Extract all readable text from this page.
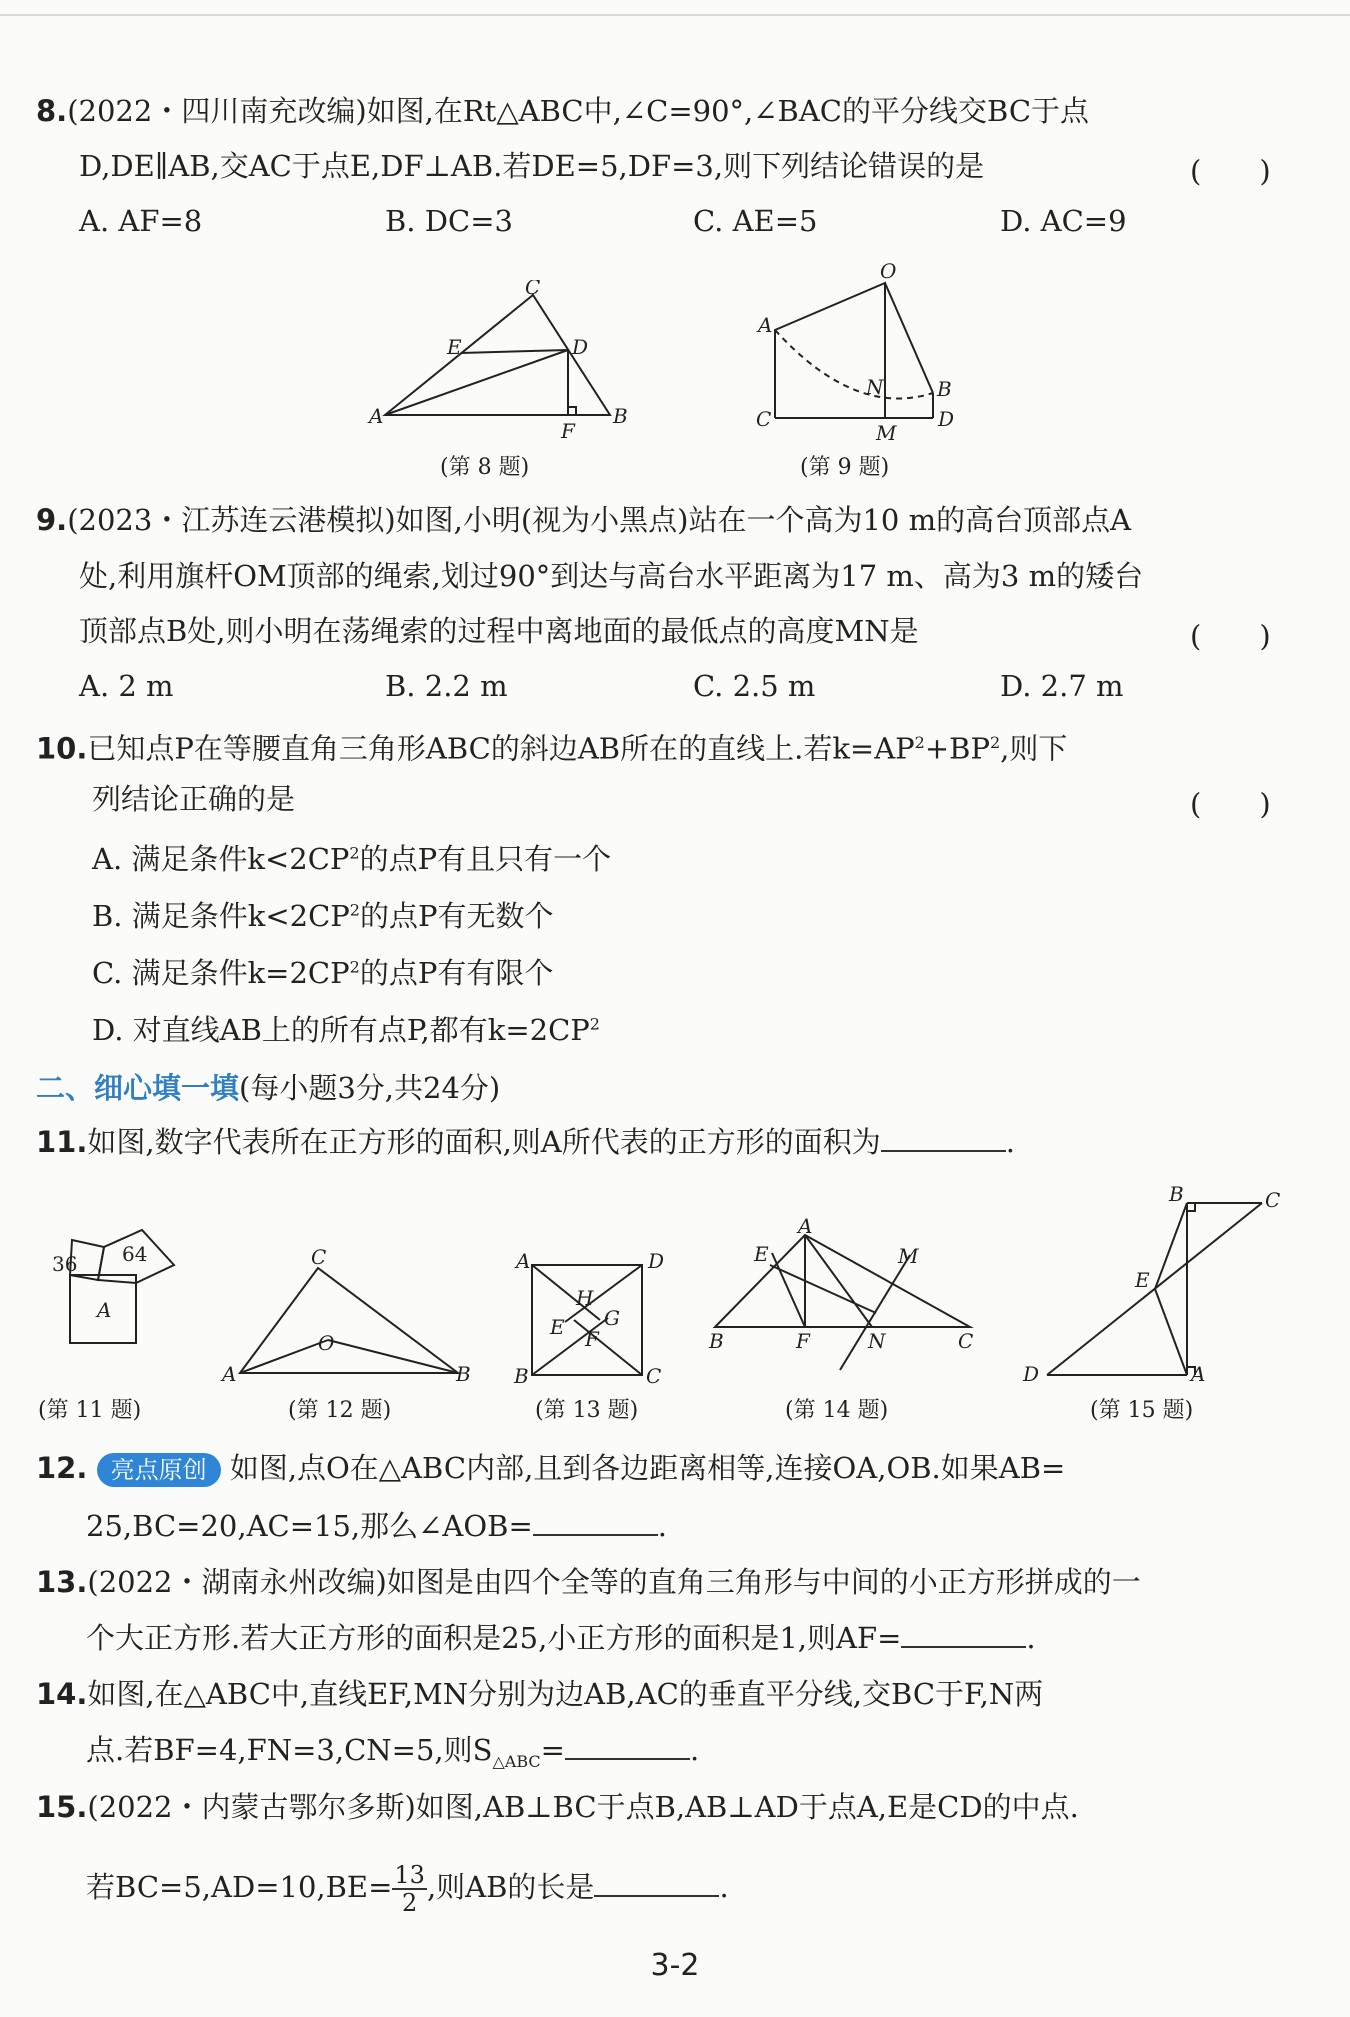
8.(2022・四川南充改编)如图,在Rt△ABC中,∠C=90°,∠BAC的平分线交BC于点
D,DE∥AB,交AC于点E,DF⊥AB.若DE=5,DF=3,则下列结论错误的是	(　　)
A. AF=8	B. DC=3	C. AE=5	D. AC=9
C
E	D
A
F
B
(第 8 题)
O
A
N	B
C
M
D
(第 9 题)
9.(2023・江苏连云港模拟)如图,小明(视为小黑点)站在一个高为10 m的高台顶部点A
处,利用旗杆OM顶部的绳索,划过90°到达与高台水平距离为17 m、高为3 m的矮台
顶部点B处,则小明在荡绳索的过程中离地面的最低点的高度MN是	(　　)
A. 2 m	B. 2.2 m	C. 2.5 m	D. 2.7 m
10.已知点P在等腰直角三角形ABC的斜边AB所在的直线上.若$k=AP^2+BP^2$,则下
列结论正确的是	(　　)
A. 满足条件$k<2CP^2$的点P有且只有一个
B. 满足条件$k<2CP^2$的点P有无数个
C. 满足条件$k=2CP^2$的点P有有限个
D. 对直线AB上的所有点P,都有$k=2CP^2$
二、细心填一填(每小题3分,共24分)
11.如图,数字代表所在正方形的面积,则A所代表的正方形的面积为	.
36 64
A
(第 11 题)
C
O
A	B
(第 12 题)
A	D
H
G
E F
B	C
(第 13 题)
A
E	M
B	F	N	C
(第 14 题)
B	C
E
D	A
(第 15 题)
12. 亮点原创 如图,点O在△ABC内部,且到各边距离相等,连接OA,OB.如果AB=
25,BC=20,AC=15,那么∠AOB=	.
13.(2022・湖南永州改编)如图是由四个全等的直角三角形与中间的小正方形拼成的一
个大正方形.若大正方形的面积是25,小正方形的面积是1,则AF=	.
14.如图,在△ABC中,直线EF,MN分别为边AB,AC的垂直平分线,交BC于F,N两
点.若BF=4,FN=3,CN=5,则$S_{\triangle ABC}=$	.
15.(2022・内蒙古鄂尔多斯)如图,AB⊥BC于点B,AB⊥AD于点A,E是CD的中点.
若$BC=5,AD=10,BE= \frac{13}{2}$ ,则AB的长是	.
3-2
